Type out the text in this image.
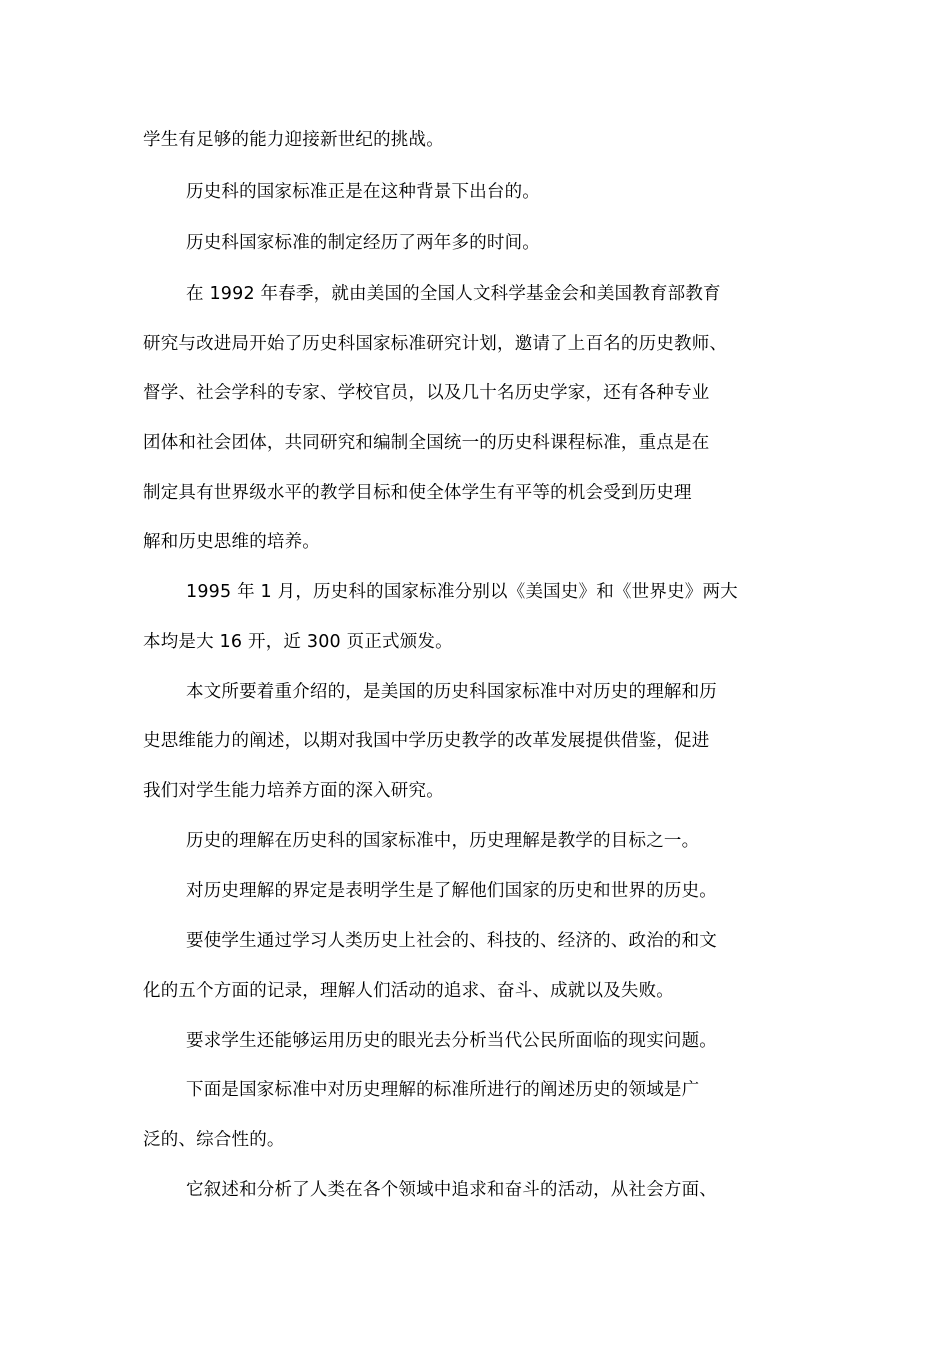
学生有足够的能力迎接新世纪的挑战。
历史科的国家标准正是在这种背景下出台的。
历史科国家标准的制定经历了两年多的时间。
在 1992 年春季，就由美国的全国人文科学基金会和美国教育部教育
研究与改进局开始了历史科国家标准研究计划，邀请了上百名的历史教师、
督学、社会学科的专家、学校官员，以及几十名历史学家，还有各种专业
团体和社会团体，共同研究和编制全国统一的历史科课程标准，重点是在
制定具有世界级水平的教学目标和使全体学生有平等的机会受到历史理
解和历史思维的培养。
1995 年 1 月，历史科的国家标准分别以《美国史》和《世界史》两大
本均是大 16 开，近 300 页正式颁发。
本文所要着重介绍的，是美国的历史科国家标准中对历史的理解和历
史思维能力的阐述，以期对我国中学历史教学的改革发展提供借鉴，促进
我们对学生能力培养方面的深入研究。
历史的理解在历史科的国家标准中，历史理解是教学的目标之一。
对历史理解的界定是表明学生是了解他们国家的历史和世界的历史。
要使学生通过学习人类历史上社会的、科技的、经济的、政治的和文
化的五个方面的记录，理解人们活动的追求、奋斗、成就以及失败。
要求学生还能够运用历史的眼光去分析当代公民所面临的现实问题。
下面是国家标准中对历史理解的标准所进行的阐述历史的领域是广
泛的、综合性的。
它叙述和分析了人类在各个领域中追求和奋斗的活动，从社会方面、
